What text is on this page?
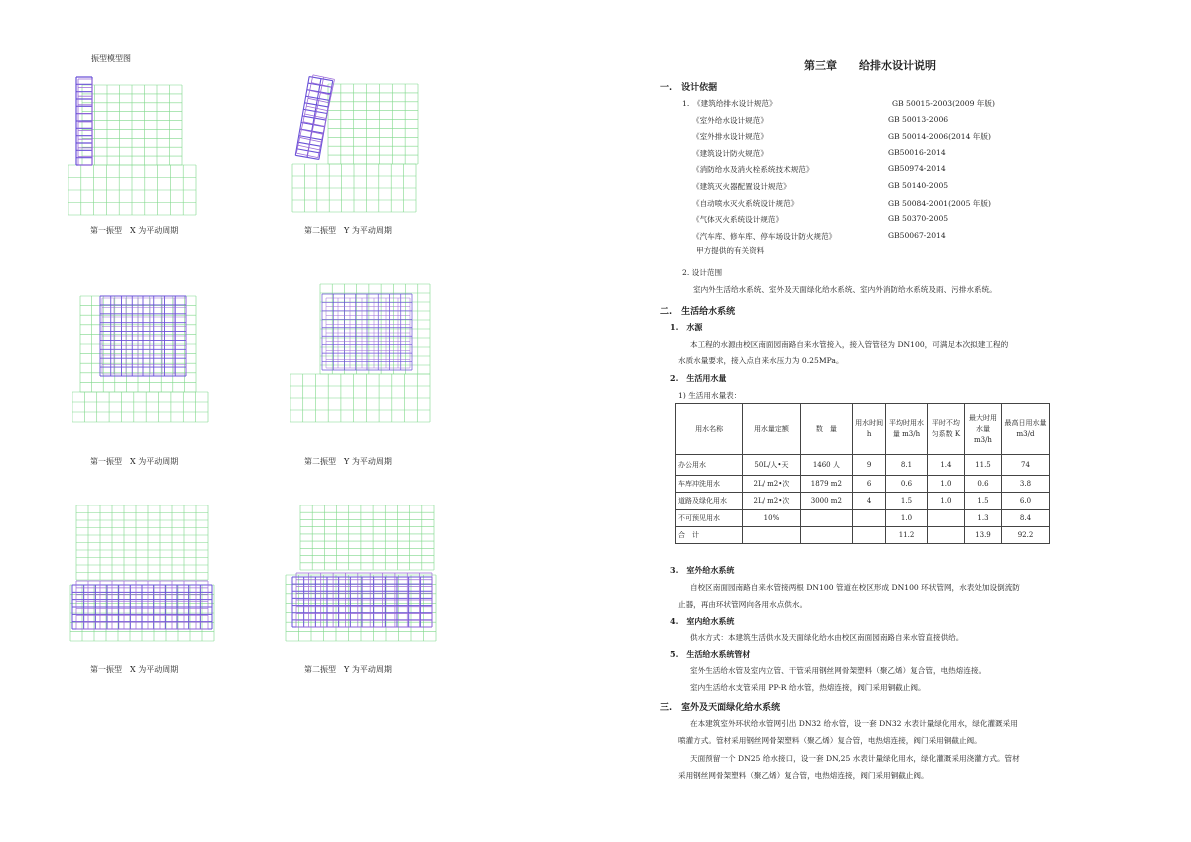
振型模型图
第一振型　X 为平动周期	第二振型　Y 为平动周期
第一振型　X 为平动周期	第二振型　Y 为平动周期
第一振型　X 为平动周期	第二振型　Y 为平动周期
第三章　　给排水设计说明
一.　设计依据
1.　《建筑给排水设计规范》	GB 50015-2003(2009 年版)
《室外给水设计规范》	GB 50013-2006
《室外排水设计规范》	GB 50014-2006(2014 年版)
《建筑设计防火规范》	GB50016-2014
《消防给水及消火栓系统技术规范》	GB50974-2014
《建筑灭火器配置设计规范》	GB 50140-2005
《自动喷水灭火系统设计规范》	GB 50084-2001(2005 年版)
《气体灭火系统设计规范》	GB 50370-2005
《汽车库、修车库、停车场设计防火规范》	GB50067-2014
甲方提供的有关资料
2. 设计范围
室内外生活给水系统、室外及天面绿化给水系统、室内外消防给水系统及雨、污排水系统。
二.　生活给水系统
1.　水源
本工程的水源由校区南面园南路自来水管接入，接入管管径为 DN100，可满足本次拟建工程的
水质水量要求，接入点自来水压力为 0.25MPa。
2.　生活用水量
1) 生活用水量表：
用水名称	用水量定额	数　量	用水时间 h	平均时用水量 m3/h	平时不均匀系数 K	最大时用水量 m3/h	最高日用水量 m3/d
办公用水	50L/人•天	1460 人	9	8.1	1.4	11.5	74
车库冲洗用水	2L/ m2•次	1879 m2	6	0.6	1.0	0.6	3.8
道路及绿化用水	2L/ m2•次	3000 m2	4	1.5	1.0	1.5	6.0
不可预见用水	10%			1.0		1.3	8.4
合　计				11.2		13.9	92.2
3.　室外给水系统
自校区南面园南路自来水管接两根 DN100 管道在校区形成 DN100 环状管网，水表处加设倒流防
止器，再由环状管网向各用水点供水。
4.　室内给水系统
供水方式：本建筑生活供水及天面绿化给水由校区南面园南路自来水管直接供给。
5.　生活给水系统管材
室外生活给水管及室内立管、干管采用钢丝网骨架塑料（聚乙烯）复合管，电热熔连接。
室内生活给水支管采用 PP-R 给水管，热熔连接，阀门采用铜截止阀。
三.　室外及天面绿化给水系统
在本建筑室外环状给水管网引出 DN32 给水管，设一套 DN32 水表计量绿化用水，绿化灌溉采用
喷灌方式。管材采用钢丝网骨架塑料（聚乙烯）复合管，电热熔连接，阀门采用铜截止阀。
天面预留一个 DN25 给水接口，设一套 DN,25 水表计量绿化用水，绿化灌溉采用浇灌方式。管材
采用钢丝网骨架塑料（聚乙烯）复合管，电热熔连接，阀门采用铜截止阀。
